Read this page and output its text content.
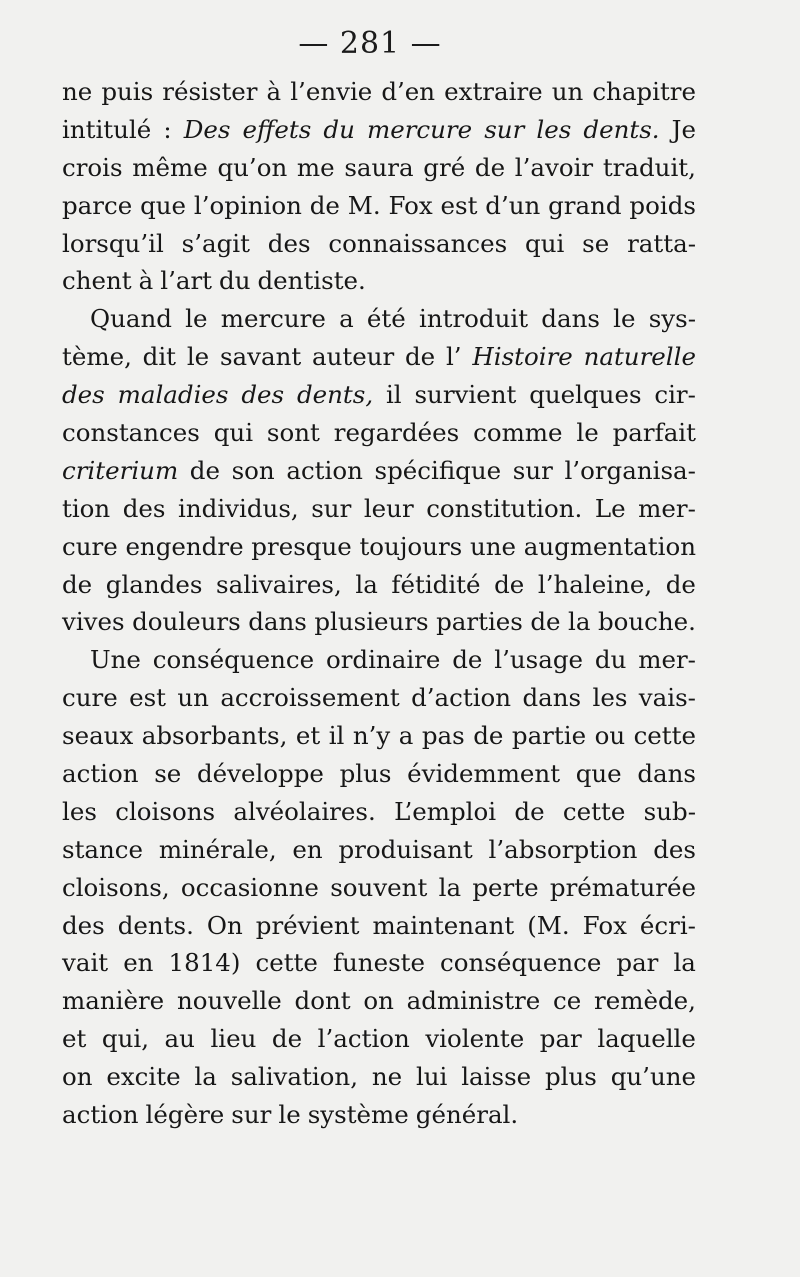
— 281 —
ne puis résister à l’envie d’en extraire un chapitre
intitulé : Des effets du mercure sur les dents. Je
crois même qu’on me saura gré de l’avoir traduit,
parce que l’opinion de M. Fox est d’un grand poids
lorsqu’il s’agit des connaissances qui se ratta-
chent à l’art du dentiste.
Quand le mercure a été introduit dans le sys-
tème, dit le savant auteur de l’ Histoire naturelle
des maladies des dents, il survient quelques cir-
constances qui sont regardées comme le parfait
criterium de son action spécifique sur l’organisa-
tion des individus, sur leur constitution. Le mer-
cure engendre presque toujours une augmentation
de glandes salivaires, la fétidité de l’haleine, de
vives douleurs dans plusieurs parties de la bouche.
Une conséquence ordinaire de l’usage du mer-
cure est un accroissement d’action dans les vais-
seaux absorbants, et il n’y a pas de partie ou cette
action se développe plus évidemment que dans
les cloisons alvéolaires. L’emploi de cette sub-
stance minérale, en produisant l’absorption des
cloisons, occasionne souvent la perte prématurée
des dents. On prévient maintenant (M. Fox écri-
vait en 1814) cette funeste conséquence par la
manière nouvelle dont on administre ce remède,
et qui, au lieu de l’action violente par laquelle
on excite la salivation, ne lui laisse plus qu’une
action légère sur le système général.
